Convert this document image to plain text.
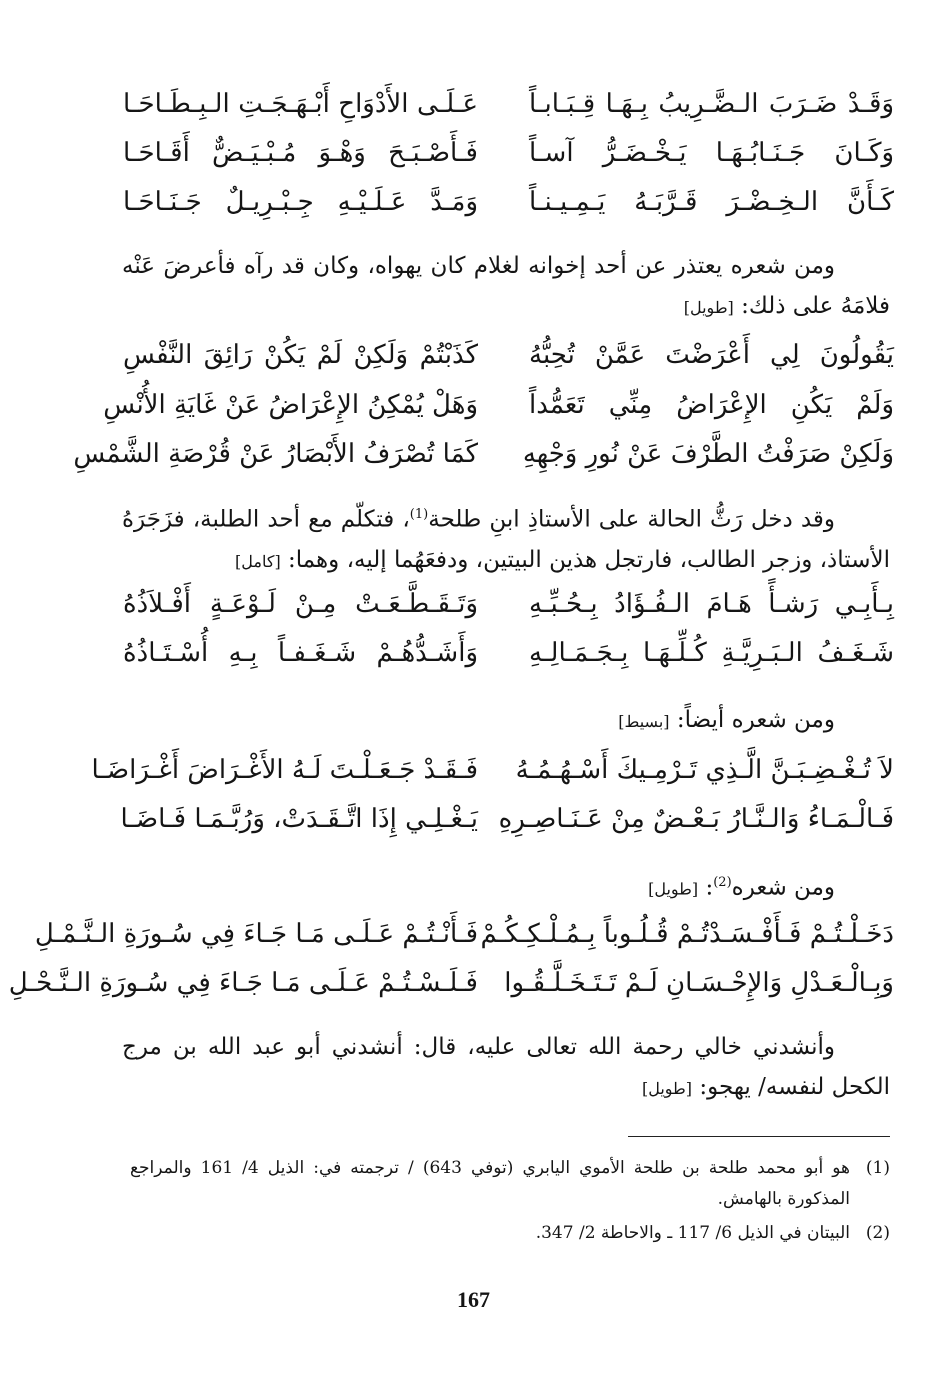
وَقَـدْ ضَـرَبَ الـضَّـرِيبُ بِـهَـا قِـبَـابـاً
عَـلَـى الأَدْوَاحِ أَبْـهَـجَـتِ الـبِـطَـاحَـا
وَكَـانَ جَـنَـابُـهَـا يَـخْـضَـرُّ آسـاً
فَـأَصْـبَـحَ وَهْـوَ مُـبْـيَـضٌّ أَقَـاحَـا
كَـأَنَّ الـخِـضْـرَ قَـرَّبَـهُ يَـمِـيـنـاً
وَمَـدَّ عَـلَـيْـهِ جِـبْـرِيـلٌ جَـنَـاحَـا
ومن شعره يعتذر عن أحد إخوانه لغلام كان يهواه، وكان قد رآه فأعرضَ عَنْه فلامَهُ على ذلك: [طويل]
يَقُولُونَ لِي أَعْرَضْتَ عَمَّنْ تُحِبُّهُ
كَذَبْتُمْ وَلَكِنْ لَمْ يَكُنْ رَائِقَ النَّفْسِ
وَلَمْ يَكُنِ الإِعْرَاضُ مِنِّي تَعَمُّداً
وَهَلْ يُمْكِنُ الإِعْرَاضُ عَنْ غَايَةِ الأُنْسِ
وَلَكِنْ صَرَفْتُ الطَّرْفَ عَنْ نُورِ وَجْهِهِ
كَمَا تُصْرَفُ الأَبْصَارُ عَنْ قُرْصَةِ الشَّمْسِ
وقد دخل رَثُّ الحالة على الأستاذِ ابنِ طلحة$^{(1)}$، فتكلّم مع أحد الطلبة، فزَجَرَهُ الأستاذ، وزجر الطالب، فارتجل هذين البيتين، ودفعَهُما إليه، وهما: [كامل]
بِـأَبِـي رَشـأً هَـامَ الـفُـؤَادُ بِـحُـبِّـهِ
وَتَـقَـطَّـعَـتْ مِـنْ لَـوْعَـةٍ أَفْـلاَذُهُ
شَـغَـفُ الـبَـرِيَّـةِ كُـلِّـهَـا بِـجَـمَـالِـهِ
وَأَشَـدُّهُـمْ شَـغَـفـاً بِـهِ أُسْـتَـاذُهُ
ومن شعره أيضاً: [بسيط]
لاَ تُـغْـضِـبَـنَّ الَّـذِي تَـرْمِـيكَ أَسْـهُـمُـهُ
فَـقَـدْ جَـعَـلْـتَ لَـهُ الأَغْـرَاضَ أَغْـرَاضَـا
فَـالْـمَـاءُ وَالـنَّـارُ بَـعْـضٌ مِنْ عَـنَـاصِـرِهِ
يَـغْـلِـي إِذَا اتَّـقَـدَتْ، وَرُبَّـمَـا فَـاضَـا
ومن شعره$^{(2)}$: [طويل]
دَخَـلْـتُـمْ فَـأَفْـسَـدْتُـمْ قُـلُـوباً بِـمُـلْـكِـكُـمْ
فَـأَنْـتُـمْ عَـلَـى مَـا جَـاءَ فِي سُـورَةِ الـنَّـمْـلِ
وَبِـالْـعَـدْلِ وَالإِحْـسَـانِ لَـمْ تَـتَـخَـلَّـقُـوا
فَـلَـسْـتُـمْ عَـلَـى مَـا جَـاءَ فِي سُـورَةِ الـنَّـحْـلِ
وأنشدني خالي رحمة الله تعالى عليه، قال: أنشدني أبو عبد الله بن مرج الكحل لنفسه/ يهجو: [طويل]
(1)هو أبو محمد طلحة بن طلحة الأموي اليابري (توفي 643) / ترجمته في: الذيل 4/ 161 والمراجع المذكورة بالهامش.
(2)البيتان في الذيل 6/ 117 ـ والاحاطة 2/ 347.
167
